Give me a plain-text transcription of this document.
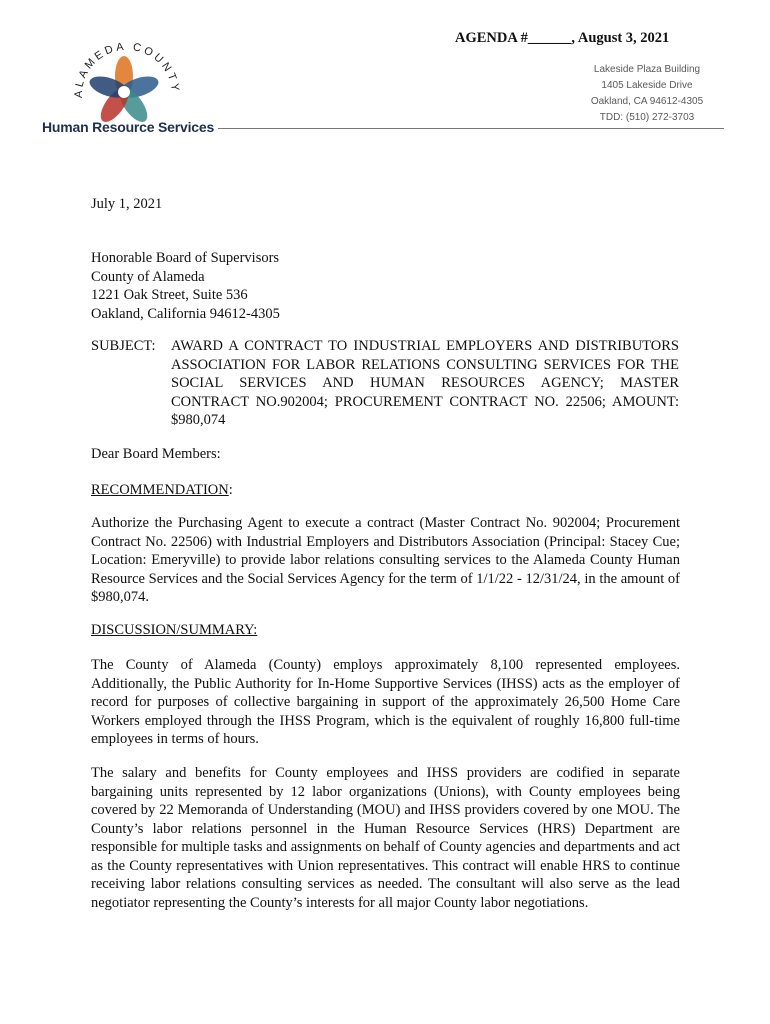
ALAMEDA COUNTY
Human Resource Services
AGENDA #______, August 3, 2021
Lakeside Plaza Building
1405 Lakeside Drive
Oakland, CA 94612-4305
TDD: (510) 272-3703
July 1, 2021
Honorable Board of Supervisors
County of Alameda
1221 Oak Street, Suite 536
Oakland, California 94612-4305
SUBJECT: AWARD A CONTRACT TO INDUSTRIAL EMPLOYERS AND DISTRIBUTORS ASSOCIATION FOR LABOR RELATIONS CONSULTING SERVICES FOR THE SOCIAL SERVICES AND HUMAN RESOURCES AGENCY; MASTER CONTRACT NO.902004; PROCUREMENT CONTRACT NO. 22506; AMOUNT: $980,074
Dear Board Members:
RECOMMENDATION:
Authorize the Purchasing Agent to execute a contract (Master Contract No. 902004; Procurement Contract No. 22506) with Industrial Employers and Distributors Association (Principal: Stacey Cue; Location: Emeryville) to provide labor relations consulting services to the Alameda County Human Resource Services and the Social Services Agency for the term of 1/1/22 - 12/31/24, in the amount of $980,074.
DISCUSSION/SUMMARY:
The County of Alameda (County) employs approximately 8,100 represented employees. Additionally, the Public Authority for In-Home Supportive Services (IHSS) acts as the employer of record for purposes of collective bargaining in support of the approximately 26,500 Home Care Workers employed through the IHSS Program, which is the equivalent of roughly 16,800 full-time employees in terms of hours.
The salary and benefits for County employees and IHSS providers are codified in separate bargaining units represented by 12 labor organizations (Unions), with County employees being covered by 22 Memoranda of Understanding (MOU) and IHSS providers covered by one MOU. The County’s labor relations personnel in the Human Resource Services (HRS) Department are responsible for multiple tasks and assignments on behalf of County agencies and departments and act as the County representatives with Union representatives. This contract will enable HRS to continue receiving labor relations consulting services as needed. The consultant will also serve as the lead negotiator representing the County’s interests for all major County labor negotiations.
